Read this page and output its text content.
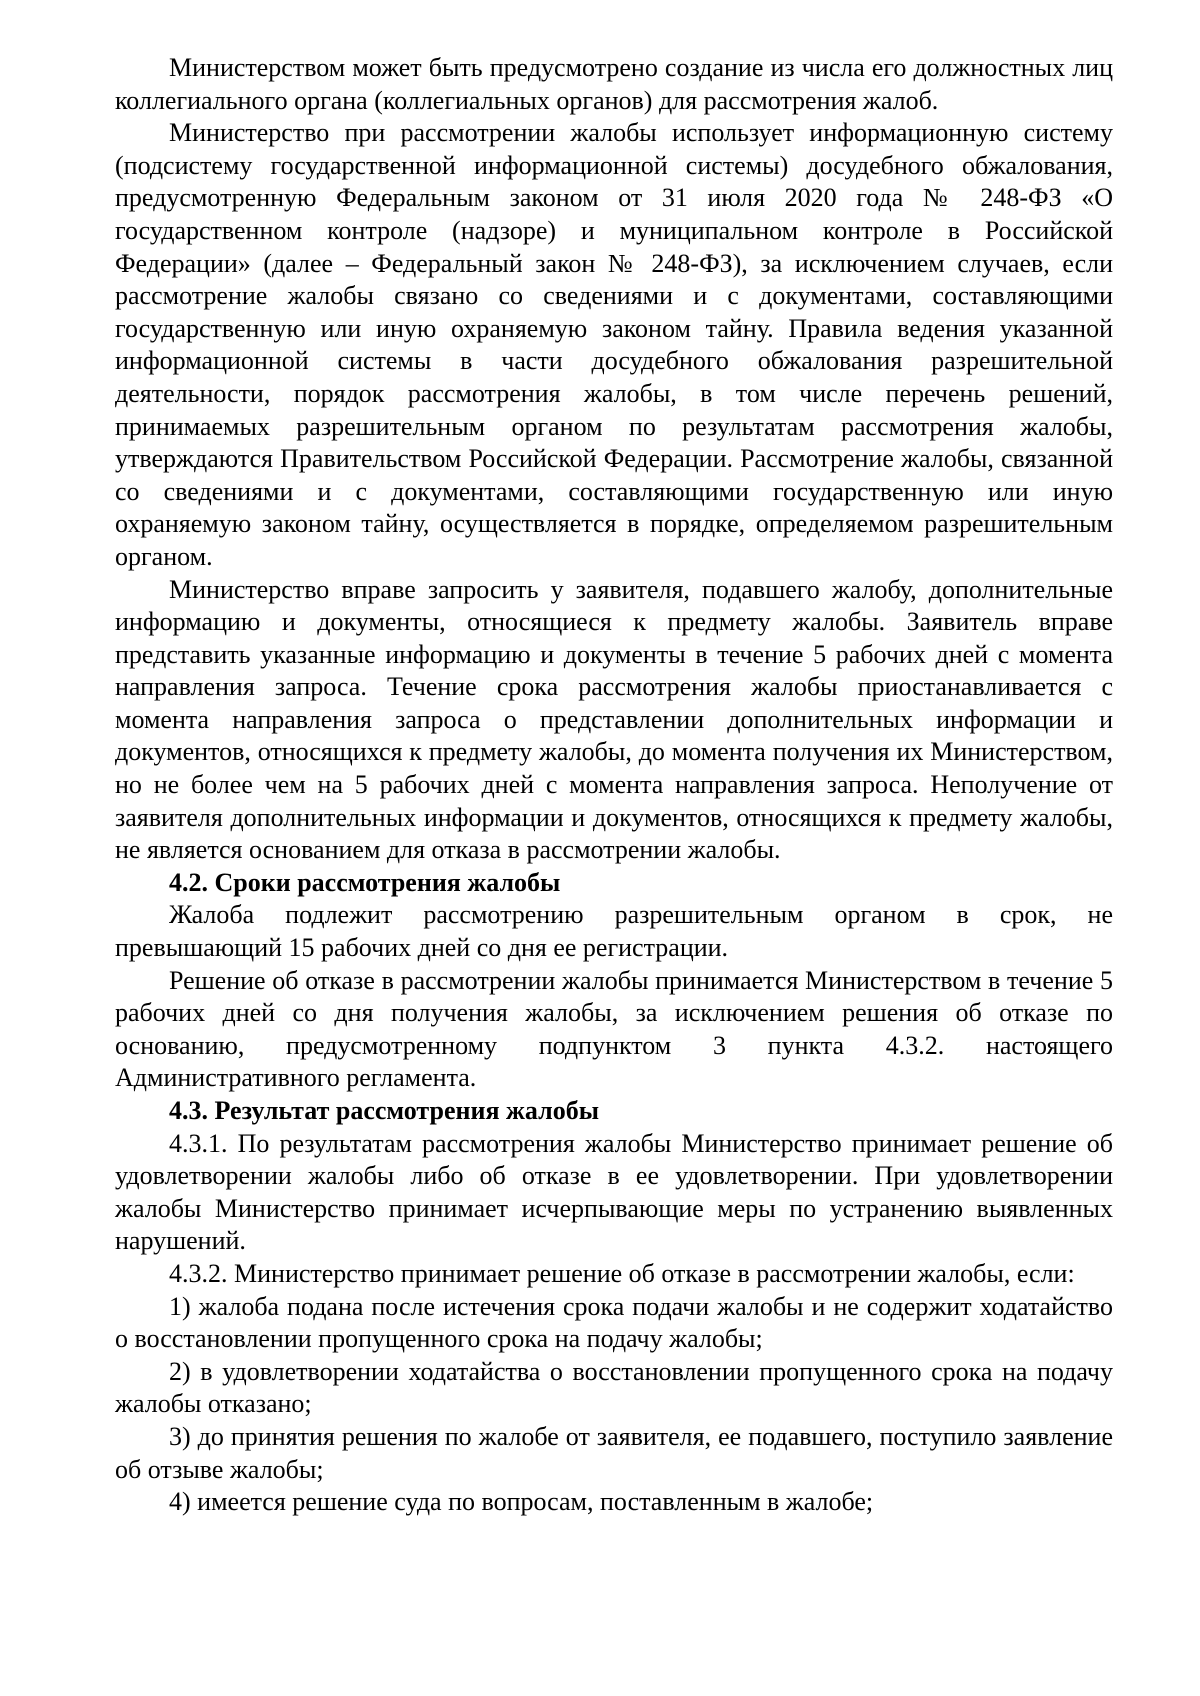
Министерством может быть предусмотрено создание из числа его должностных лиц коллегиального органа (коллегиальных органов) для рассмотрения жалоб.

Министерство при рассмотрении жалобы использует информационную систему (подсистему государственной информационной системы) досудебного обжалования, предусмотренную Федеральным законом от 31 июля 2020 года № 248-ФЗ «О государственном контроле (надзоре) и муниципальном контроле в Российской Федерации» (далее – Федеральный закон № 248-ФЗ), за исключением случаев, если рассмотрение жалобы связано со сведениями и с документами, составляющими государственную или иную охраняемую законом тайну. Правила ведения указанной информационной системы в части досудебного обжалования разрешительной деятельности, порядок рассмотрения жалобы, в том числе перечень решений, принимаемых разрешительным органом по результатам рассмотрения жалобы, утверждаются Правительством Российской Федерации. Рассмотрение жалобы, связанной со сведениями и с документами, составляющими государственную или иную охраняемую законом тайну, осуществляется в порядке, определяемом разрешительным органом.

Министерство вправе запросить у заявителя, подавшего жалобу, дополнительные информацию и документы, относящиеся к предмету жалобы. Заявитель вправе представить указанные информацию и документы в течение 5 рабочих дней с момента направления запроса. Течение срока рассмотрения жалобы приостанавливается с момента направления запроса о представлении дополнительных информации и документов, относящихся к предмету жалобы, до момента получения их Министерством, но не более чем на 5 рабочих дней с момента направления запроса. Неполучение от заявителя дополнительных информации и документов, относящихся к предмету жалобы, не является основанием для отказа в рассмотрении жалобы.

4.2. Сроки рассмотрения жалобы

Жалоба подлежит рассмотрению разрешительным органом в срок, не превышающий 15 рабочих дней со дня ее регистрации.

Решение об отказе в рассмотрении жалобы принимается Министерством в течение 5 рабочих дней со дня получения жалобы, за исключением решения об отказе по основанию, предусмотренному подпунктом 3 пункта 4.3.2. настоящего Административного регламента.

4.3. Результат рассмотрения жалобы

4.3.1. По результатам рассмотрения жалобы Министерство принимает решение об удовлетворении жалобы либо об отказе в ее удовлетворении. При удовлетворении жалобы Министерство принимает исчерпывающие меры по устранению выявленных нарушений.

4.3.2. Министерство принимает решение об отказе в рассмотрении жалобы, если:

1) жалоба подана после истечения срока подачи жалобы и не содержит ходатайство о восстановлении пропущенного срока на подачу жалобы;

2) в удовлетворении ходатайства о восстановлении пропущенного срока на подачу жалобы отказано;

3) до принятия решения по жалобе от заявителя, ее подавшего, поступило заявление об отзыве жалобы;

4) имеется решение суда по вопросам, поставленным в жалобе;
